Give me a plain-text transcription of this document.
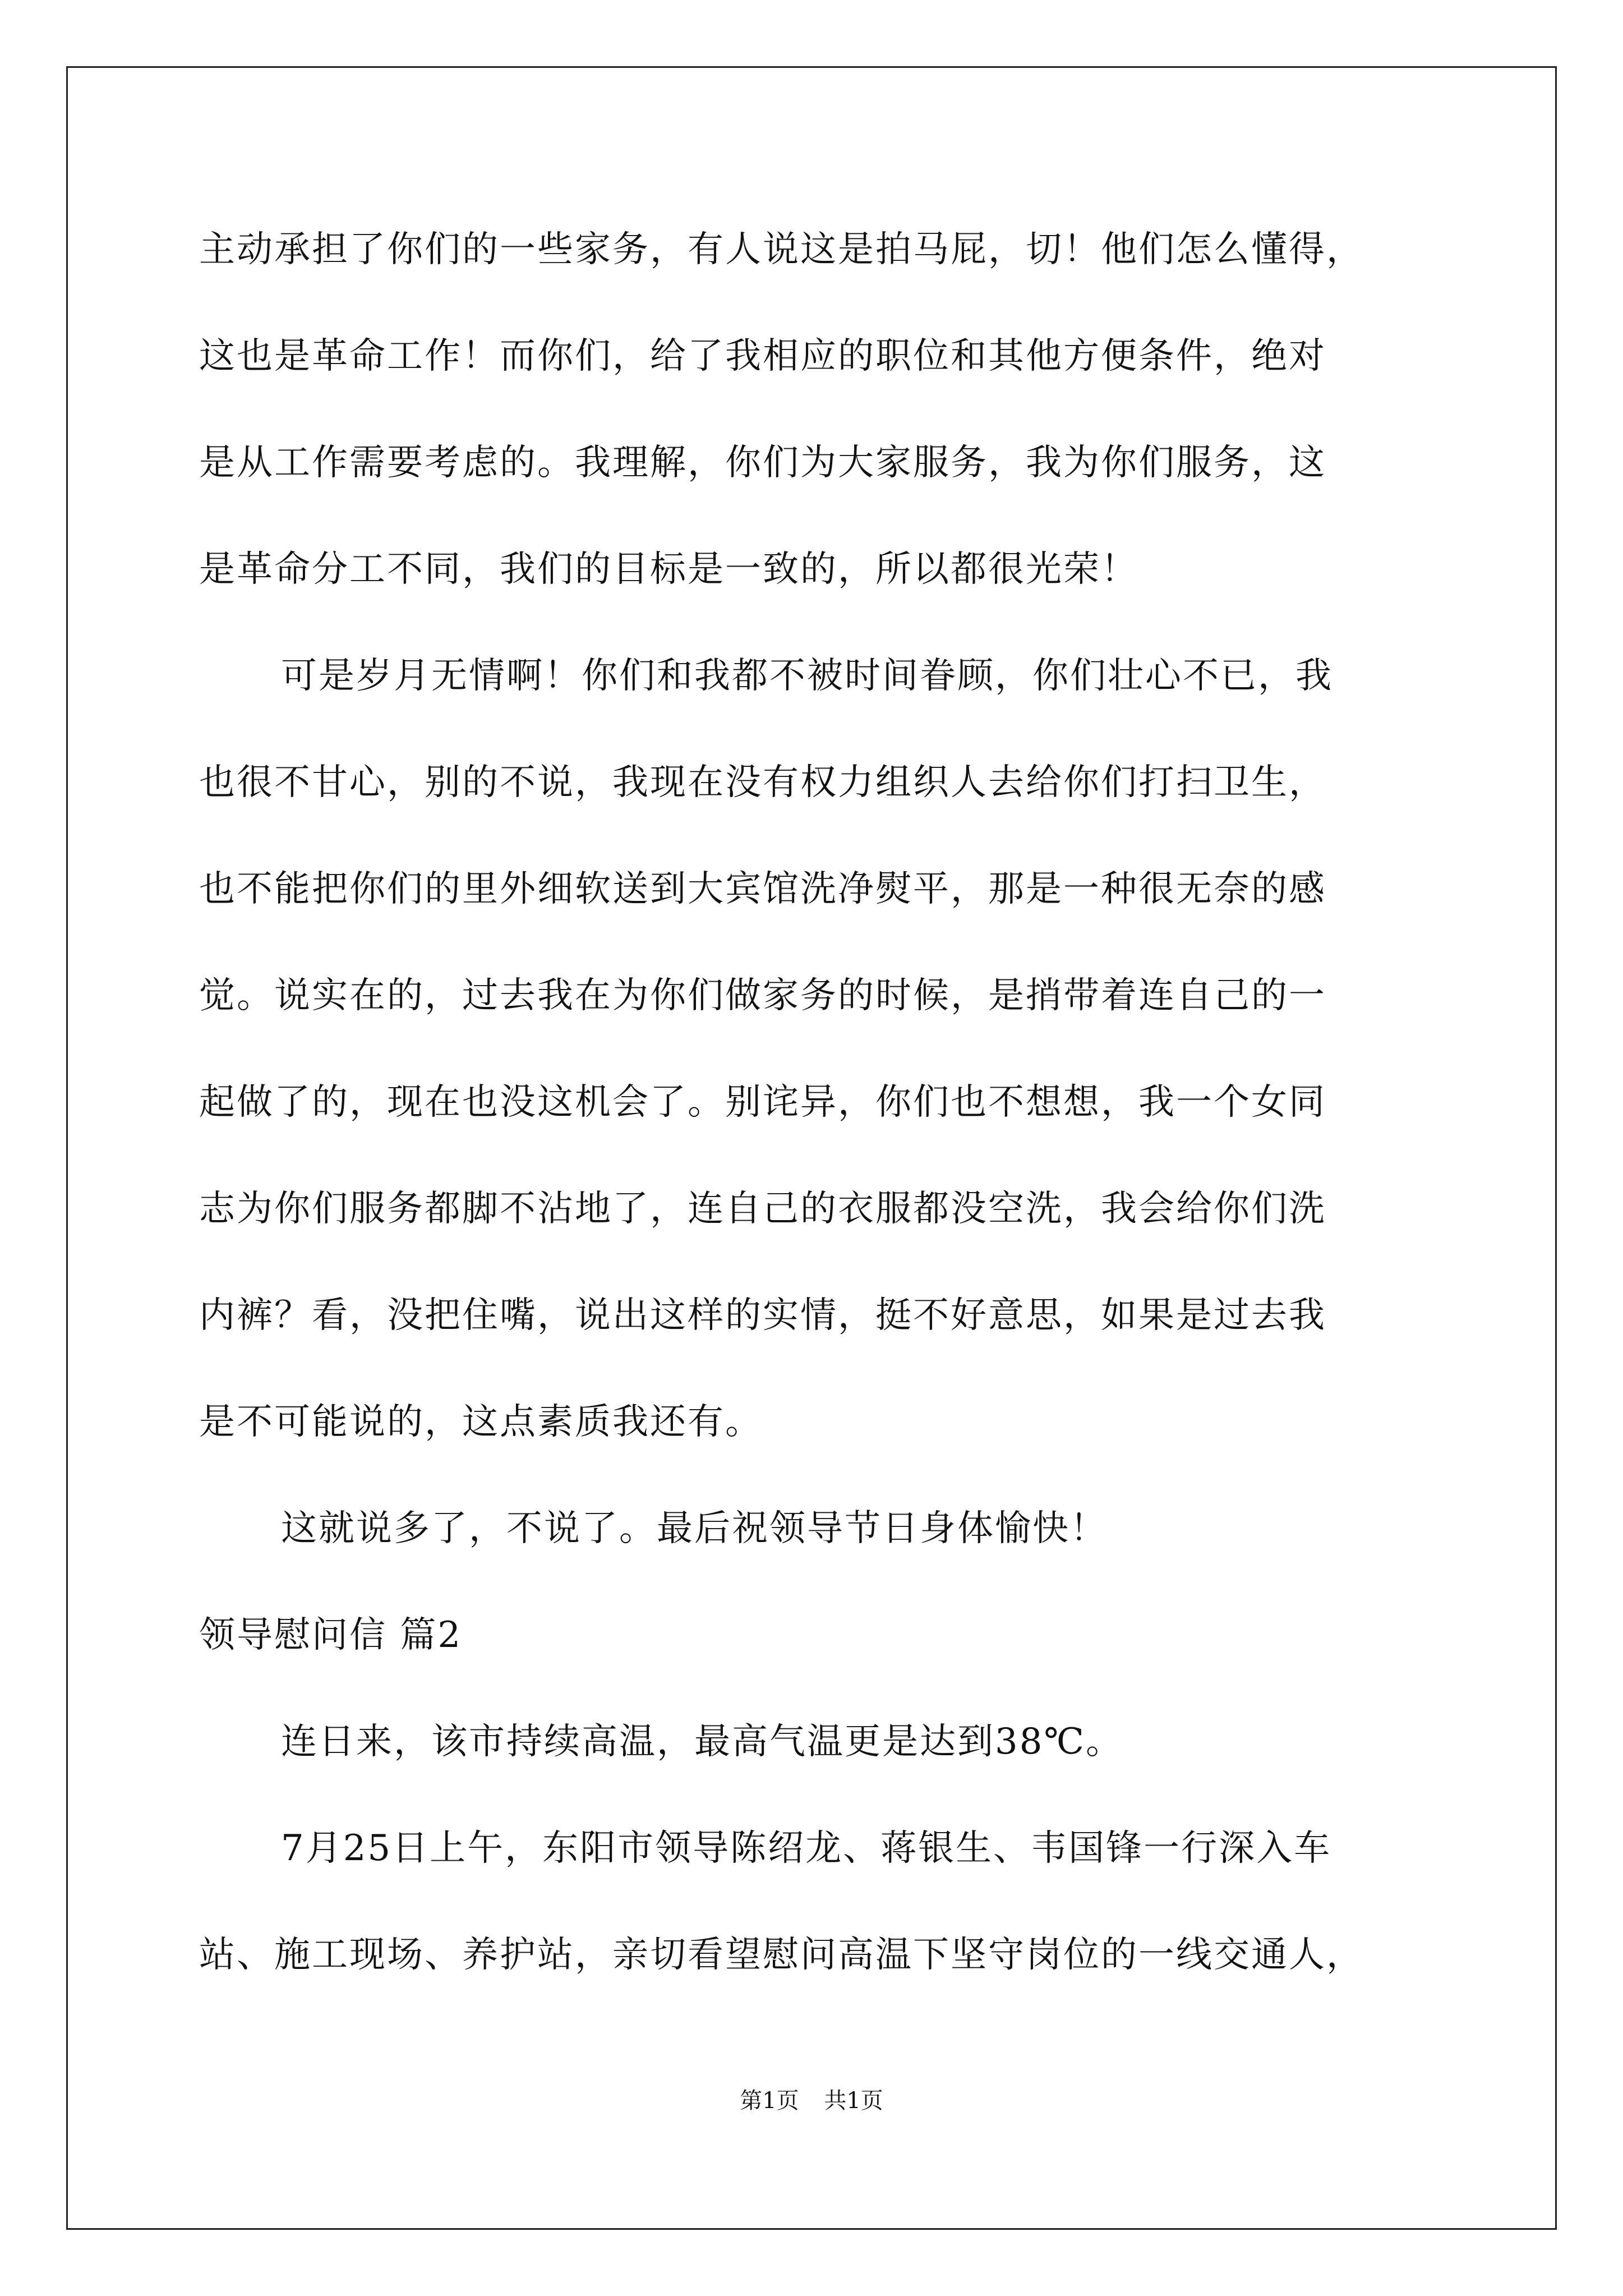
主动承担了你们的一些家务，有人说这是拍马屁，切！他们怎么懂得，
这也是革命工作！而你们，给了我相应的职位和其他方便条件，绝对
是从工作需要考虑的。我理解，你们为大家服务，我为你们服务，这
是革命分工不同，我们的目标是一致的，所以都很光荣！
可是岁月无情啊！你们和我都不被时间眷顾，你们壮心不已，我
也很不甘心，别的不说，我现在没有权力组织人去给你们打扫卫生，
也不能把你们的里外细软送到大宾馆洗净熨平，那是一种很无奈的感
觉。说实在的，过去我在为你们做家务的时候，是捎带着连自己的一
起做了的，现在也没这机会了。别诧异，你们也不想想，我一个女同
志为你们服务都脚不沾地了，连自己的衣服都没空洗，我会给你们洗
内裤？看，没把住嘴，说出这样的实情，挺不好意思，如果是过去我
是不可能说的，这点素质我还有。
这就说多了，不说了。最后祝领导节日身体愉快！
领导慰问信 篇2
连日来，该市持续高温，最高气温更是达到38℃。
7月25日上午，东阳市领导陈绍龙、蒋银生、韦国锋一行深入车
站、施工现场、养护站，亲切看望慰问高温下坚守岗位的一线交通人，
第1页 共1页
